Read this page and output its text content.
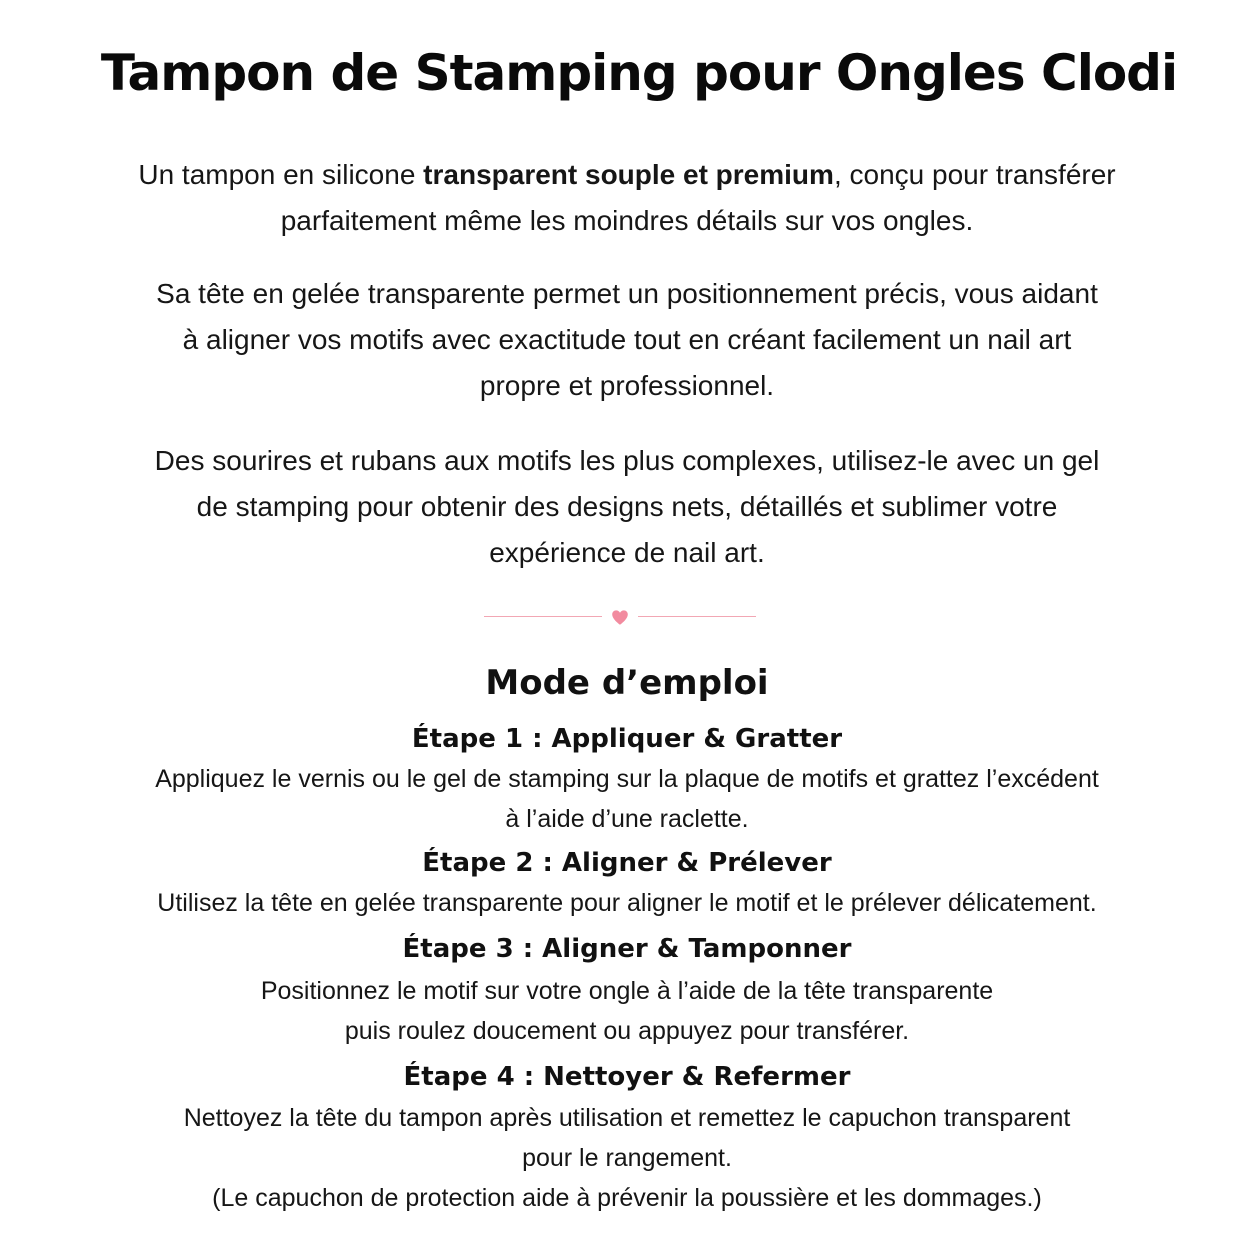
Tampon de Stamping pour Ongles Clodi

Un tampon en silicone transparent souple et premium, conçu pour transférer
parfaitement même les moindres détails sur vos ongles.

Sa tête en gelée transparente permet un positionnement précis, vous aidant
à aligner vos motifs avec exactitude tout en créant facilement un nail art
propre et professionnel.

Des sourires et rubans aux motifs les plus complexes, utilisez-le avec un gel
de stamping pour obtenir des designs nets, détaillés et sublimer votre
expérience de nail art.

Mode d’emploi
Étape 1 : Appliquer & Gratter

Appliquez le vernis ou le gel de stamping sur la plaque de motifs et grattez l’excédent
à l’aide d’une raclette.

Étape 2 : Aligner & Prélever

Utilisez la tête en gelée transparente pour aligner le motif et le prélever délicatement.

Étape 3 : Aligner & Tamponner

Positionnez le motif sur votre ongle à l’aide de la tête transparente
puis roulez doucement ou appuyez pour transférer.

Étape 4 : Nettoyer & Refermer

Nettoyez la tête du tampon après utilisation et remettez le capuchon transparent
pour le rangement.
(Le capuchon de protection aide à prévenir la poussière et les dommages.)
